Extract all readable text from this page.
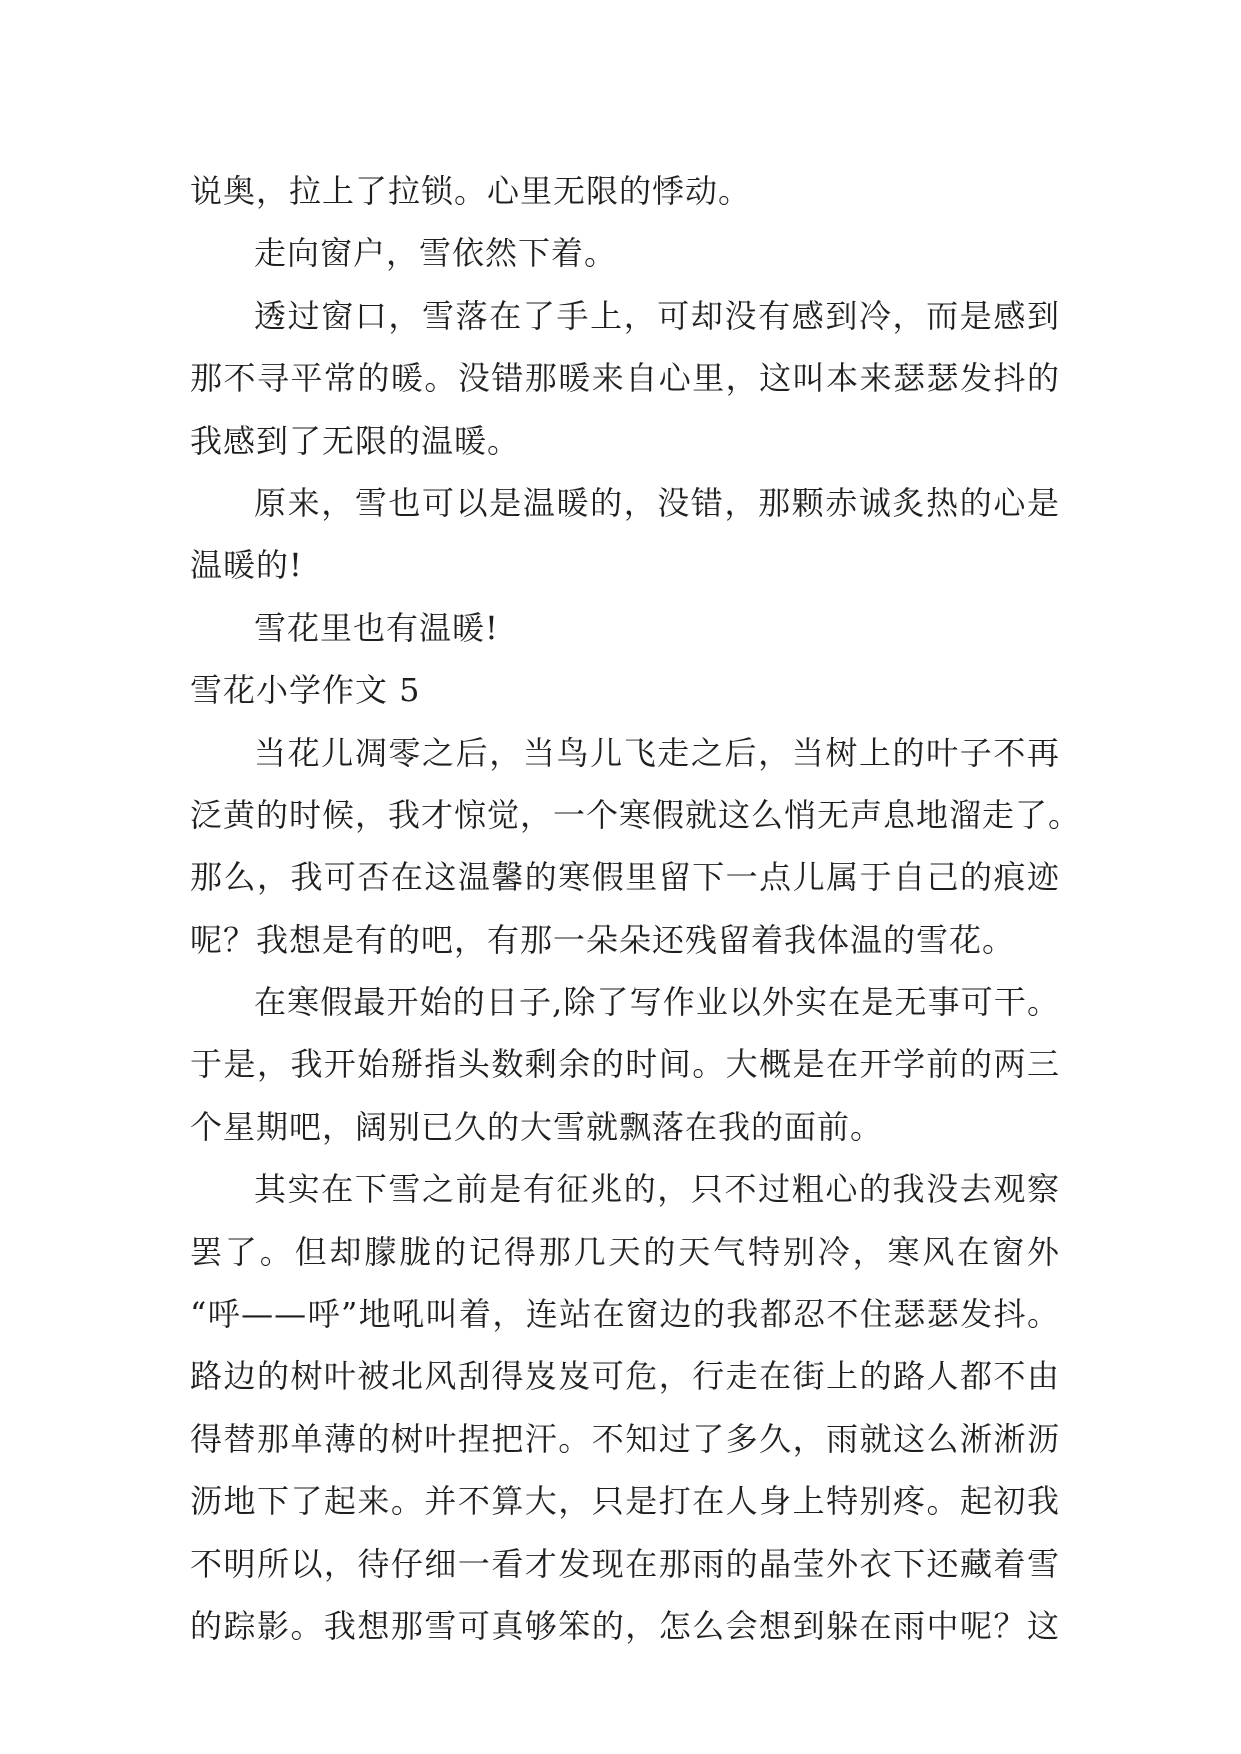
说奥，拉上了拉锁。心里无限的悸动。
走向窗户，雪依然下着。
透过窗口，雪落在了手上，可却没有感到冷，而是感到
那不寻平常的暖。没错那暖来自心里，这叫本来瑟瑟发抖的
我感到了无限的温暖。
原来，雪也可以是温暖的，没错，那颗赤诚炙热的心是
温暖的!
雪花里也有温暖!
雪花小学作文 5
当花儿凋零之后，当鸟儿飞走之后，当树上的叶子不再
泛黄的时候，我才惊觉，一个寒假就这么悄无声息地溜走了。
那么，我可否在这温馨的寒假里留下一点儿属于自己的痕迹
呢？我想是有的吧，有那一朵朵还残留着我体温的雪花。
在寒假最开始的日子,除了写作业以外实在是无事可干。
于是，我开始掰指头数剩余的时间。大概是在开学前的两三
个星期吧，阔别已久的大雪就飘落在我的面前。
其实在下雪之前是有征兆的，只不过粗心的我没去观察
罢了。但却朦胧的记得那几天的天气特别冷，寒风在窗外
“呼——呼”地吼叫着，连站在窗边的我都忍不住瑟瑟发抖。
路边的树叶被北风刮得岌岌可危，行走在街上的路人都不由
得替那单薄的树叶捏把汗。不知过了多久，雨就这么淅淅沥
沥地下了起来。并不算大，只是打在人身上特别疼。起初我
不明所以，待仔细一看才发现在那雨的晶莹外衣下还藏着雪
的踪影。我想那雪可真够笨的，怎么会想到躲在雨中呢？这
